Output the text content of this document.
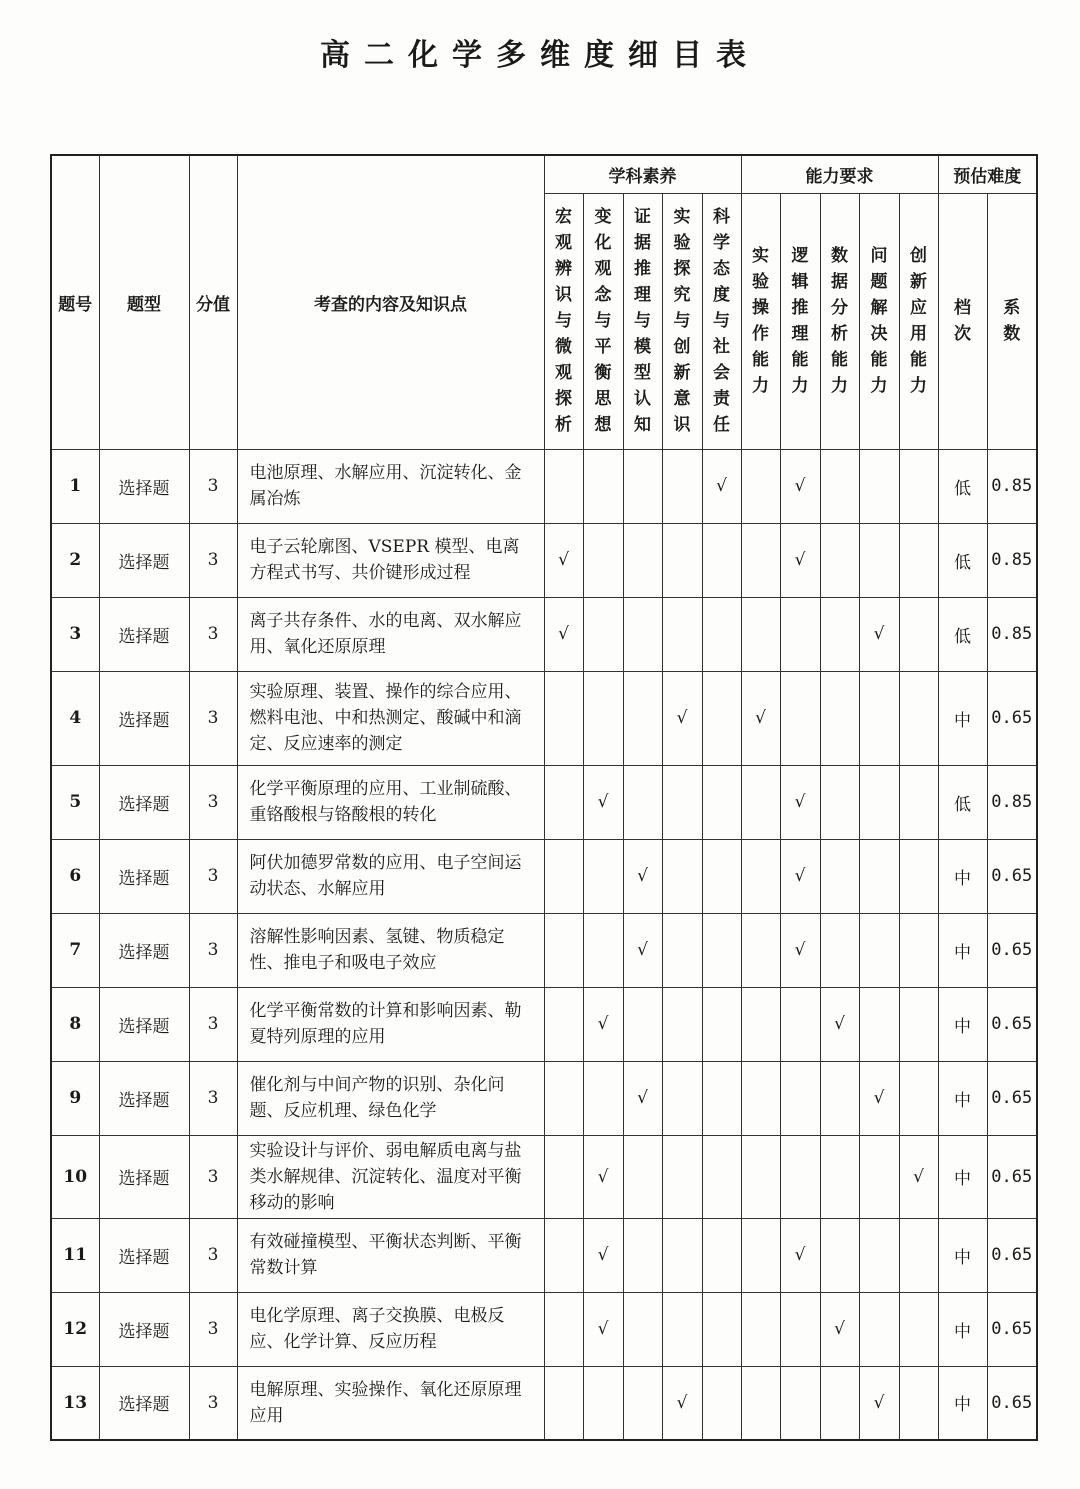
高二化学多维度细目表
题号	题型	分值	考查的内容及知识点	学科素养					能力要求					预估难度	
				宏观辨识与微观探析	变化观念与平衡思想	证据推理与模型认知	实验探究与创新意识	科学态度与社会责任	实验操作能力	逻辑推理能力	数据分析能力	问题解决能力	创新应用能力	档次	系数
1	选择题	3	电池原理、水解应用、沉淀转化、金属冶炼					√		√				低	0.85
2	选择题	3	电子云轮廓图、VSEPR 模型、电离方程式书写、共价键形成过程	√						√				低	0.85
3	选择题	3	离子共存条件、水的电离、双水解应用、氧化还原原理	√								√		低	0.85
4	选择题	3	实验原理、装置、操作的综合应用、燃料电池、中和热测定、酸碱中和滴定、反应速率的测定				√		√					中	0.65
5	选择题	3	化学平衡原理的应用、工业制硫酸、重铬酸根与铬酸根的转化		√					√				低	0.85
6	选择题	3	阿伏加德罗常数的应用、电子空间运动状态、水解应用			√				√				中	0.65
7	选择题	3	溶解性影响因素、氢键、物质稳定性、推电子和吸电子效应			√				√				中	0.65
8	选择题	3	化学平衡常数的计算和影响因素、勒夏特列原理的应用		√						√			中	0.65
9	选择题	3	催化剂与中间产物的识别、杂化问题、反应机理、绿色化学			√						√		中	0.65
10	选择题	3	实验设计与评价、弱电解质电离与盐类水解规律、沉淀转化、温度对平衡移动的影响		√								√	中	0.65
11	选择题	3	有效碰撞模型、平衡状态判断、平衡常数计算		√					√				中	0.65
12	选择题	3	电化学原理、离子交换膜、电极反应、化学计算、反应历程		√						√			中	0.65
13	选择题	3	电解原理、实验操作、氧化还原原理应用				√					√		中	0.65
